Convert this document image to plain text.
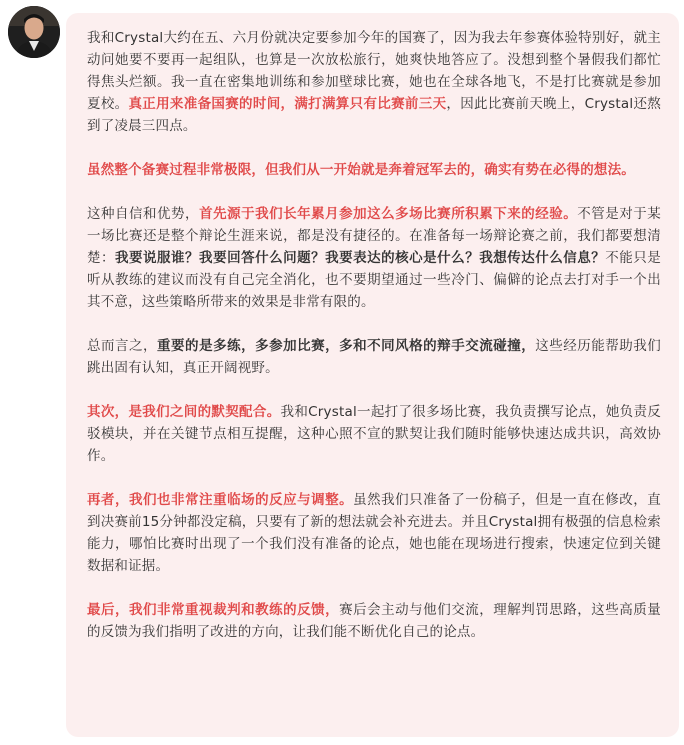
我和Crystal大约在五、六月份就决定要参加今年的国赛了，因为我去年参赛体验特别好，就主动问她要不要再一起组队，也算是一次放松旅行，她爽快地答应了。没想到整个暑假我们都忙得焦头烂额。我一直在密集地训练和参加壁球比赛，她也在全球各地飞，不是打比赛就是参加夏校。真正用来准备国赛的时间，满打满算只有比赛前三天，因此比赛前天晚上，Crystal还熬到了凌晨三四点。

虽然整个备赛过程非常极限，但我们从一开始就是奔着冠军去的，确实有势在必得的想法。

这种自信和优势，首先源于我们长年累月参加这么多场比赛所积累下来的经验。不管是对于某一场比赛还是整个辩论生涯来说，都是没有捷径的。在准备每一场辩论赛之前，我们都要想清楚：我要说服谁？我要回答什么问题？我要表达的核心是什么？我想传达什么信息？不能只是听从教练的建议而没有自己完全消化，也不要期望通过一些冷门、偏僻的论点去打对手一个出其不意，这些策略所带来的效果是非常有限的。

总而言之，重要的是多练，多参加比赛，多和不同风格的辩手交流碰撞，这些经历能帮助我们跳出固有认知，真正开阔视野。

其次，是我们之间的默契配合。我和Crystal一起打了很多场比赛，我负责撰写论点，她负责反驳模块，并在关键节点相互提醒，这种心照不宣的默契让我们随时能够快速达成共识，高效协作。

再者，我们也非常注重临场的反应与调整。虽然我们只准备了一份稿子，但是一直在修改，直到决赛前15分钟都没定稿，只要有了新的想法就会补充进去。并且Crystal拥有极强的信息检索能力，哪怕比赛时出现了一个我们没有准备的论点，她也能在现场进行搜索，快速定位到关键数据和证据。

最后，我们非常重视裁判和教练的反馈，赛后会主动与他们交流，理解判罚思路，这些高质量的反馈为我们指明了改进的方向，让我们能不断优化自己的论点。
